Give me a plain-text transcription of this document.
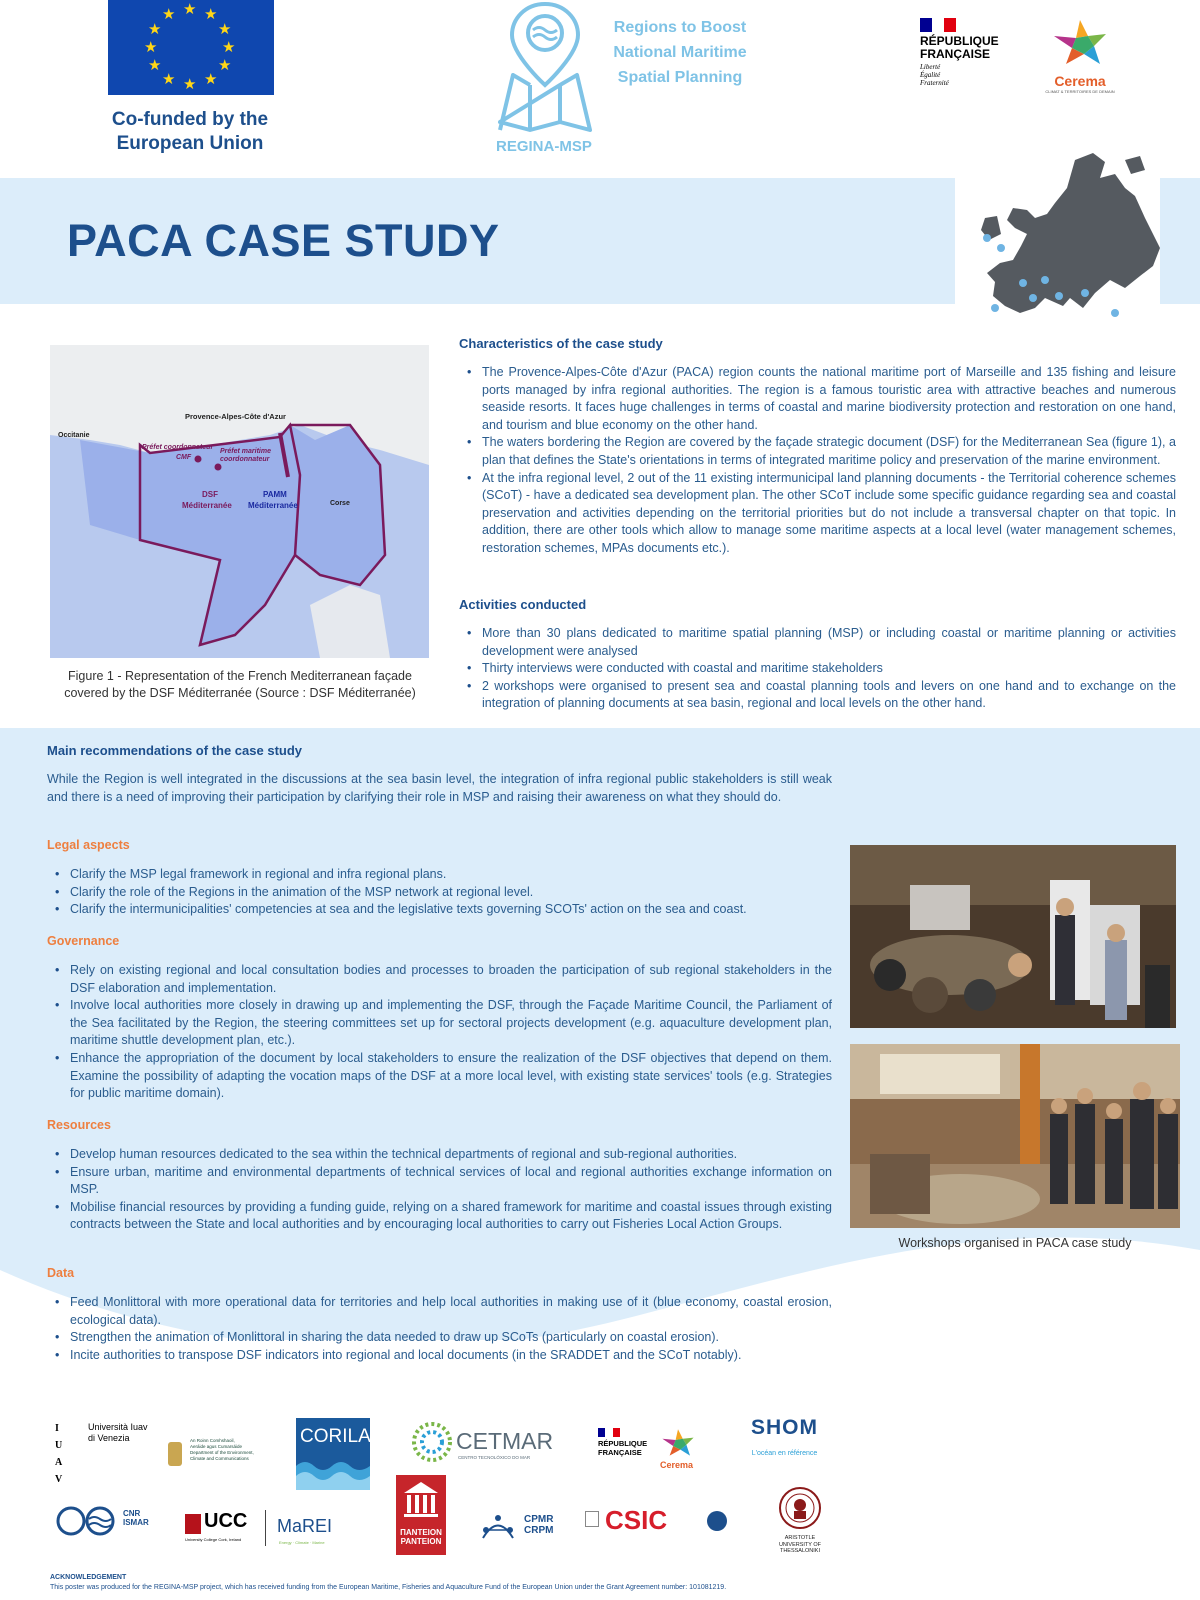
★ ★
★
★
★
★
★
★
★
★
★
★
Co-funded by the European Union	REGINA-MSP
Regions to Boost
National Maritime
Spatial Planning
RÉPUBLIQUE
FRANÇAISE
Liberté
Égalité
Fraternité	Cerema
CLIMAT & TERRITOIRES DE DEMAIN
PACA CASE STUDY
Provence-Alpes-Côte d'Azur
Occitanie
Préfet coordonnateur
CMF
Préfet maritime
coordonnateur
DSF
Méditerranée
PAMM
Méditerranée	Corse
Figure 1 - Representation of the French Mediterranean façade covered by the DSF Méditerranée (Source : DSF Méditerranée)
Characteristics of the case study
• The Provence-Alpes-Côte d'Azur (PACA) region counts the national maritime port of Marseille and 135 fishing and leisure ports managed by infra regional authorities. The region is a famous touristic area with attractive beaches and numerous seaside resorts. It faces huge challenges in terms of coastal and marine biodiversity protection and restoration on one hand, and tourism and blue economy on the other hand.
• The waters bordering the Region are covered by the façade strategic document (DSF) for the Mediterranean Sea (figure 1), a plan that defines the State's orientations in terms of integrated maritime policy and preservation of the marine environment.
• At the infra regional level, 2 out of the 11 existing intermunicipal land planning documents - the Territorial coherence schemes (SCoT) - have a dedicated sea development plan. The other SCoT include some specific guidance regarding sea and coastal preservation and activities depending on the territorial priorities but do not include a transversal chapter on that topic. In addition, there are other tools which allow to manage some maritime aspects at a local level (water management schemes, restoration schemes, MPAs documents etc.).
Activities conducted
• More than 30 plans dedicated to maritime spatial planning (MSP) or including coastal or maritime planning or activities development were analysed
• Thirty interviews were conducted with coastal and maritime stakeholders
• 2 workshops were organised to present sea and coastal planning tools and levers on one hand and to exchange on the integration of planning documents at sea basin, regional and local levels on the other hand.
Main recommendations of the case study
While the Region is well integrated in the discussions at the sea basin level, the integration of infra regional public stakeholders is still weak and there is a need of improving their participation by clarifying their role in MSP and raising their awareness on what they should do.
Legal aspects
• Clarify the MSP legal framework in regional and infra regional plans.
• Clarify the role of the Regions in the animation of the MSP network at regional level.
• Clarify the intermunicipalities' competencies at sea and the legislative texts governing SCOTs' action on the sea and coast.
Governance
• Rely on existing regional and local consultation bodies and processes to broaden the participation of sub regional stakeholders in the DSF elaboration and implementation.
• Involve local authorities more closely in drawing up and implementing the DSF, through the Façade Maritime Council, the Parliament of the Sea facilitated by the Region, the steering committees set up for sectoral projects development (e.g. aquaculture development plan, maritime shuttle development plan, etc.).
• Enhance the appropriation of the document by local stakeholders to ensure the realization of the DSF objectives that depend on them. Examine the possibility of adapting the vocation maps of the DSF at a more local level, with existing state services' tools (e.g. Strategies for public maritime domain).
Resources
• Develop human resources dedicated to the sea within the technical departments of regional and sub-regional authorities.
• Ensure urban, maritime and environmental departments of technical services of local and regional authorities exchange information on MSP.
• Mobilise financial resources by providing a funding guide, relying on a shared framework for maritime and coastal issues through existing contracts between the State and local authorities and by encouraging local authorities to carry out Fisheries Local Action Groups.
Data
• Feed Monlittoral with more operational data for territories and help local authorities in making use of it (blue economy, coastal erosion, ecological data).
• Strengthen the animation of Monlittoral in sharing the data needed to draw up SCoTs (particularly on coastal erosion).
• Incite authorities to transpose DSF indicators into regional and local documents (in the SRADDET and the SCoT notably).
Workshops organised in PACA case study
I U A V
Università Iuav
di Venezia	An Roinn Comhshaoil,
Aeráide agus Cumarsáide
Department of the Environment,
Climate and Communications
CORILA	CETMAR
CENTRO TECNOLÓXICO DO MAR
RÉPUBLIQUE
FRANÇAISE
Cerema
SHOM
L'océan en référence
CNR
ISMAR	UCC
University College Cork, Ireland
MaREI
Energy · Climate · Marine
ΠΑΝΤΕΙΟΝ
PANTEION
CPMR
CRPM CSIC
ARISTOTLE
UNIVERSITY OF
THESSALONIKI
ACKNOWLEDGEMENT
This poster was produced for the REGINA-MSP project, which has received funding from the European Maritime, Fisheries and Aquaculture Fund of the European Union under the Grant Agreement number: 101081219.
